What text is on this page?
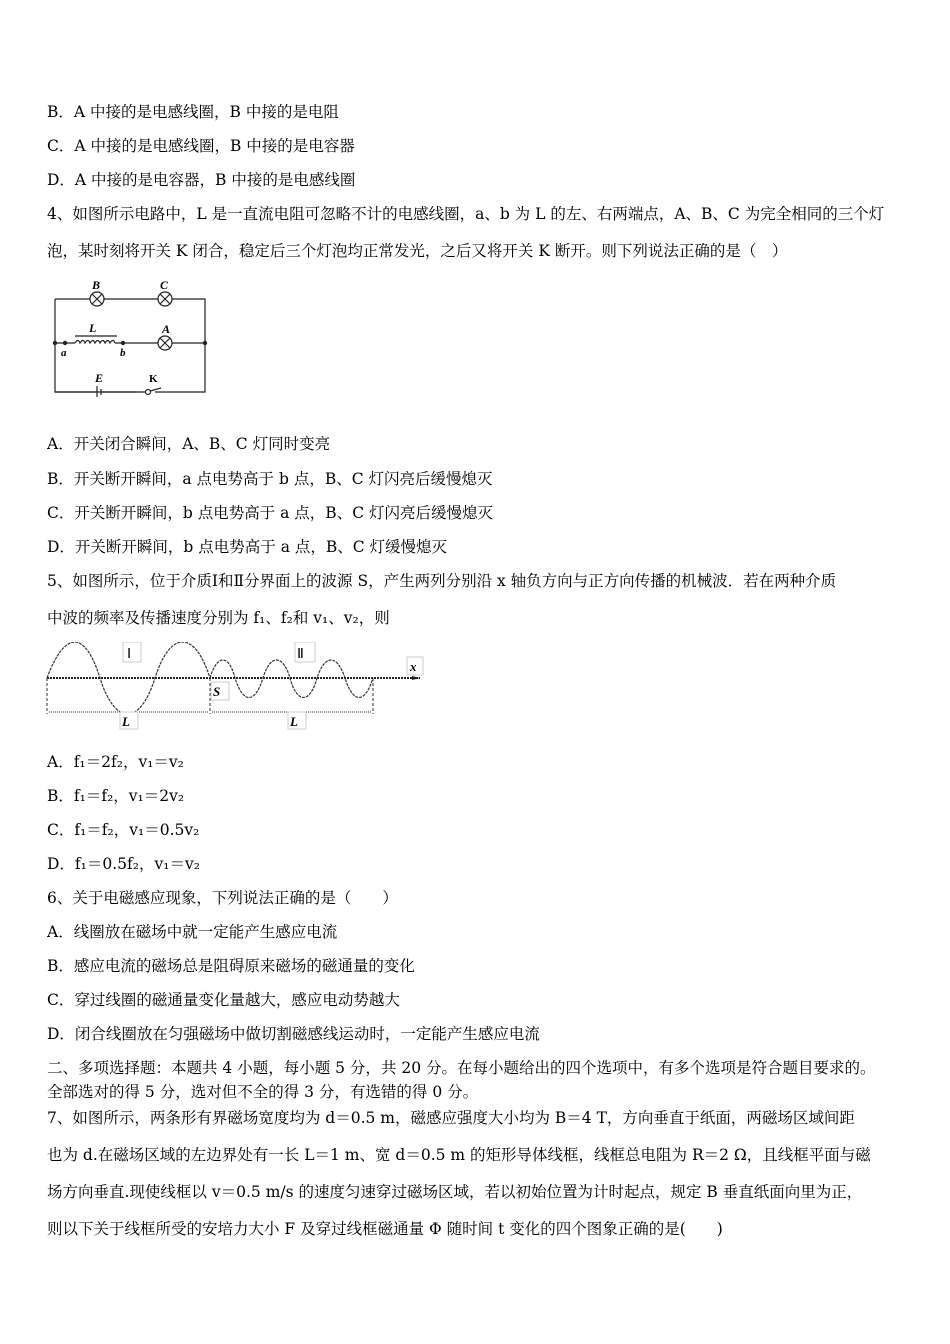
B．A 中接的是电感线圈，B 中接的是电阻
C．A 中接的是电感线圈，B 中接的是电容器
D．A 中接的是电容器，B 中接的是电感线圈
4、如图所示电路中，L 是一直流电阻可忽略不计的电感线圈，a、b 为 L 的左、右两端点，A、B、C 为完全相同的三个灯
泡，某时刻将开关 K 闭合，稳定后三个灯泡均正常发光，之后又将开关 K 断开。则下列说法正确的是（　）
B	C
L	A
a	b
E	K
A．开关闭合瞬间，A、B、C 灯同时变亮
B．开关断开瞬间，a 点电势高于 b 点，B、C 灯闪亮后缓慢熄灭
C．开关断开瞬间，b 点电势高于 a 点，B、C 灯闪亮后缓慢熄灭
D．开关断开瞬间，b 点电势高于 a 点，B、C 灯缓慢熄灭
5、如图所示，位于介质Ⅰ和Ⅱ分界面上的波源 S，产生两列分别沿 x 轴负方向与正方向传播的机械波．若在两种介质
中波的频率及传播速度分别为 f₁、f₂和 v₁、v₂，则
Ⅰ	Ⅱ
x
S
L	L
A．f₁＝2f₂，v₁＝v₂
B．f₁＝f₂，v₁＝2v₂
C．f₁＝f₂，v₁＝0.5v₂
D．f₁＝0.5f₂，v₁＝v₂
6、关于电磁感应现象，下列说法正确的是（　　）
A．线圈放在磁场中就一定能产生感应电流
B．感应电流的磁场总是阻碍原来磁场的磁通量的变化
C．穿过线圈的磁通量变化量越大，感应电动势越大
D．闭合线圈放在匀强磁场中做切割磁感线运动时，一定能产生感应电流
二、多项选择题：本题共 4 小题，每小题 5 分，共 20 分。在每小题给出的四个选项中，有多个选项是符合题目要求的。
全部选对的得 5 分，选对但不全的得 3 分，有选错的得 0 分。
7、如图所示，两条形有界磁场宽度均为 d＝0.5 m，磁感应强度大小均为 B＝4 T，方向垂直于纸面，两磁场区域间距
也为 d.在磁场区域的左边界处有一长 L＝1 m、宽 d＝0.5 m 的矩形导体线框，线框总电阻为 R＝2 Ω，且线框平面与磁
场方向垂直.现使线框以 v＝0.5 m/s 的速度匀速穿过磁场区域，若以初始位置为计时起点，规定 B 垂直纸面向里为正，
则以下关于线框所受的安培力大小 F 及穿过线框磁通量 Φ 随时间 t 变化的四个图象正确的是(　　)
